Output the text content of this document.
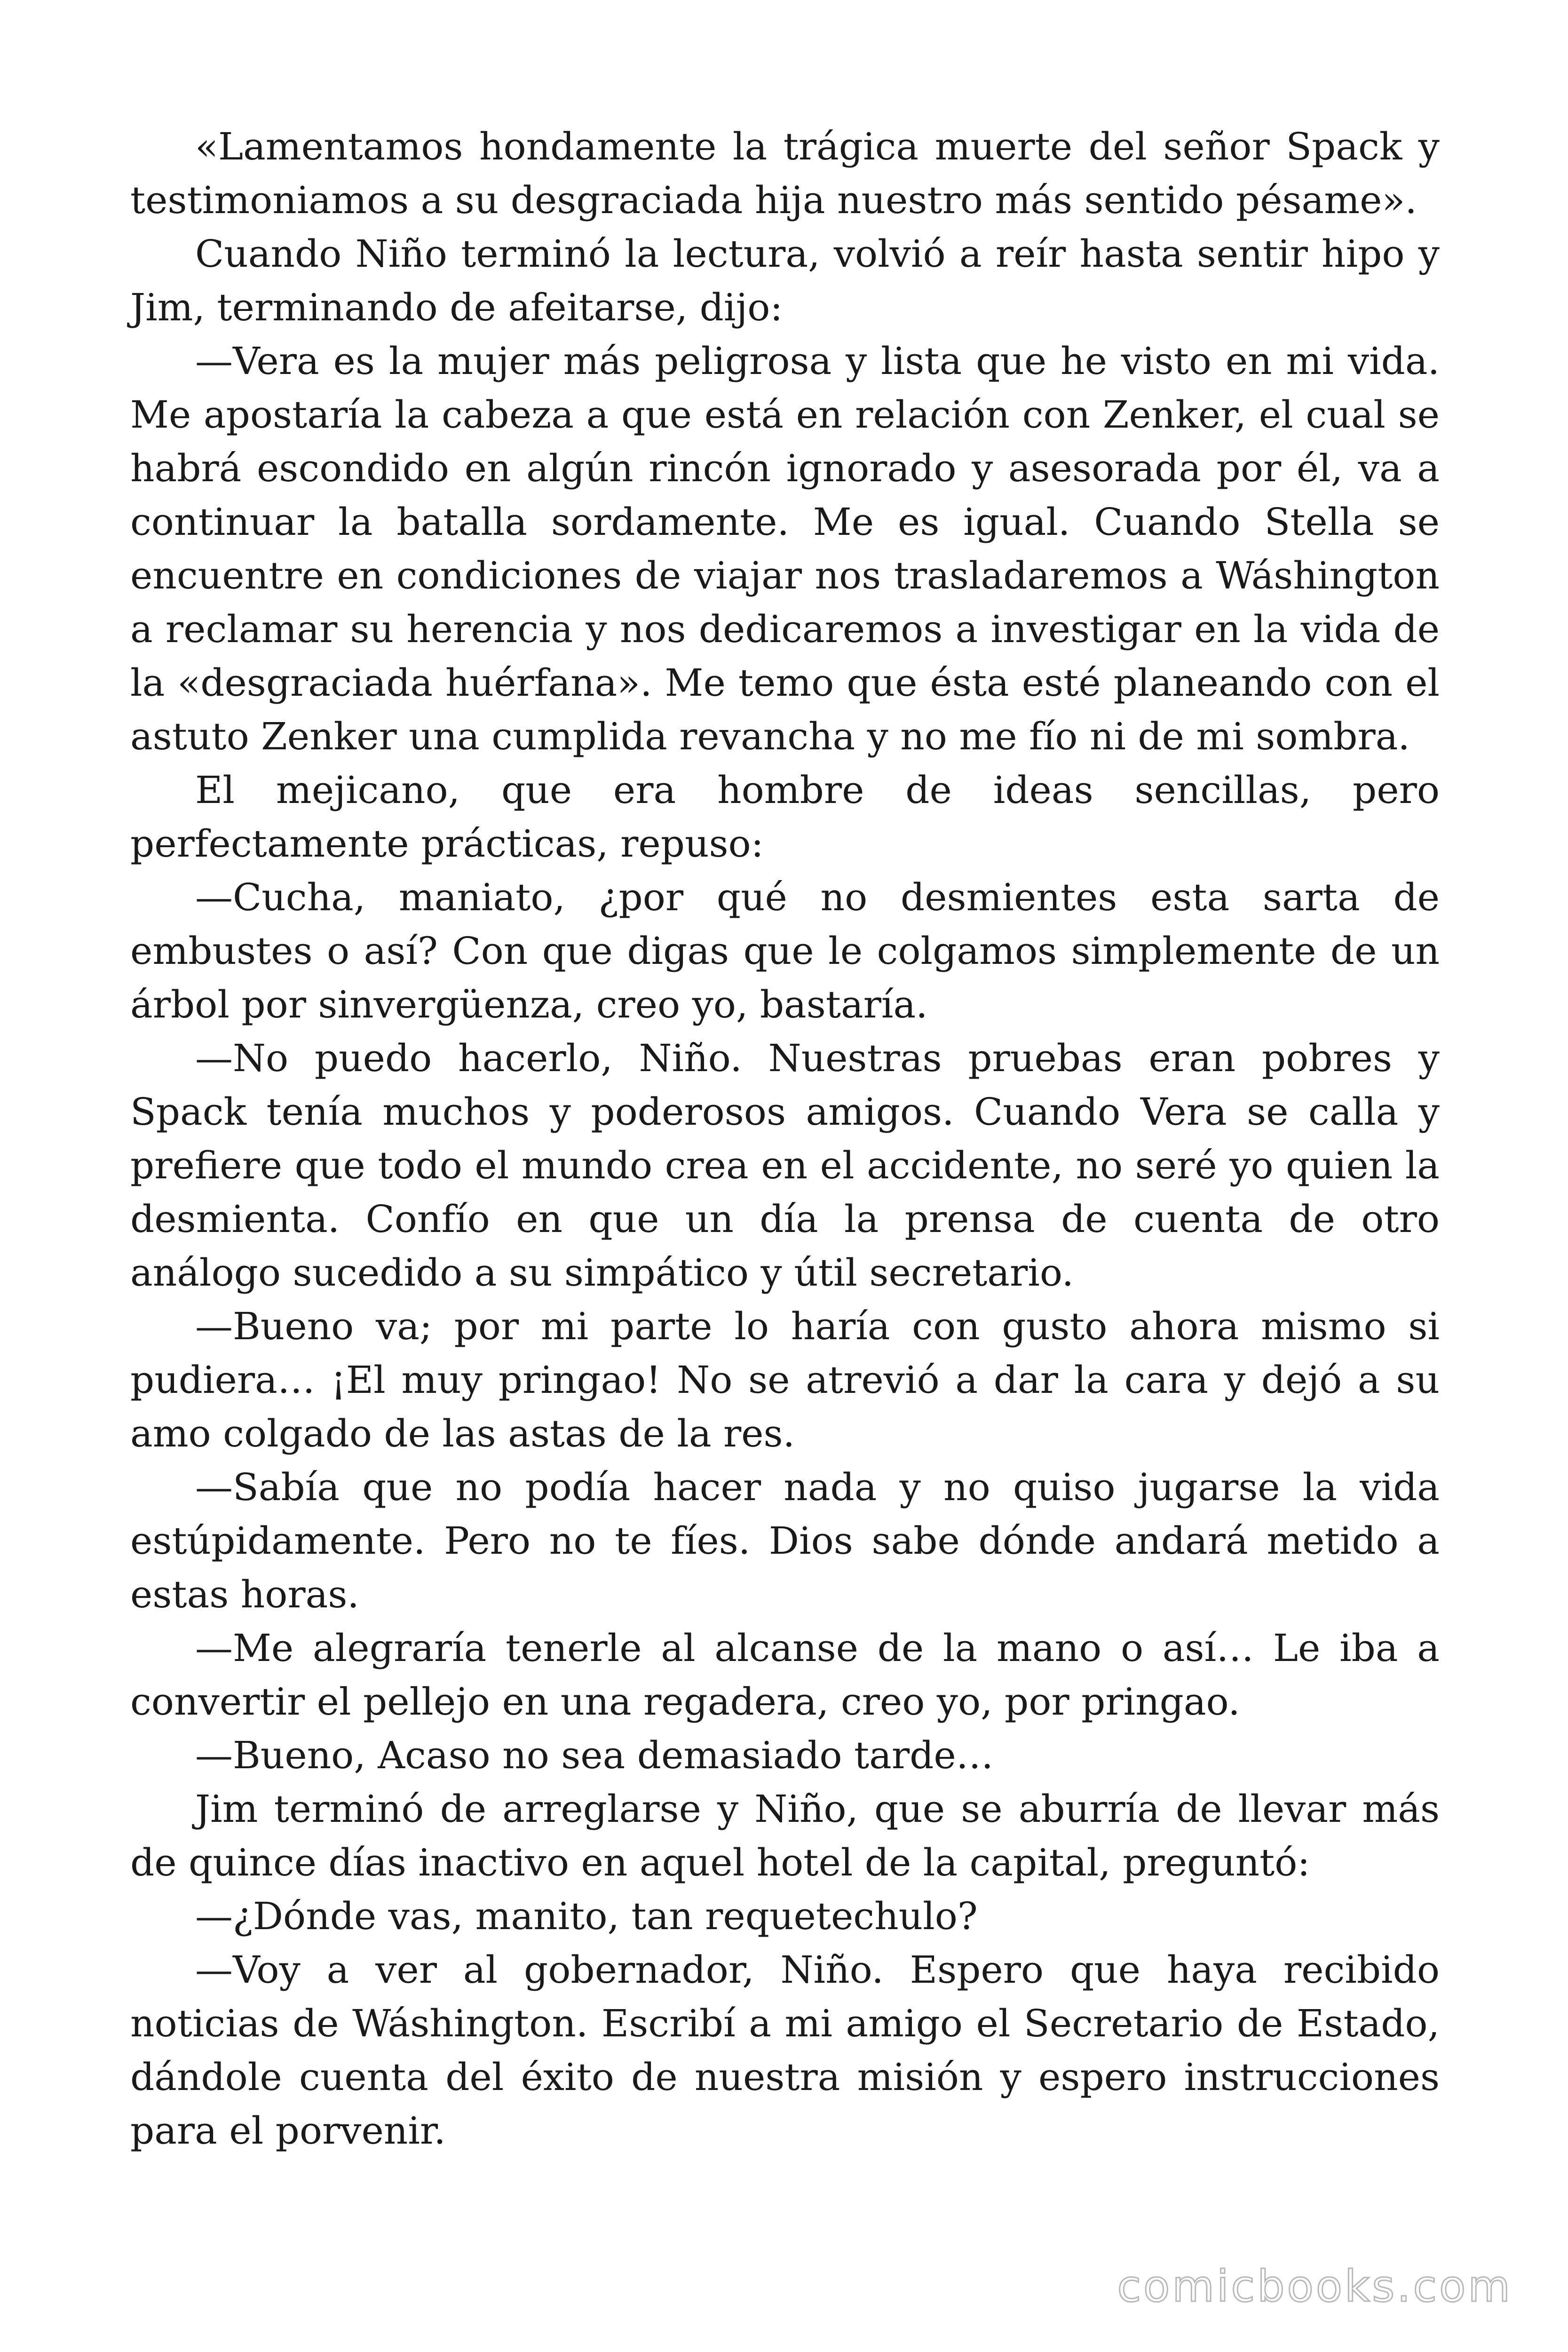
«Lamentamos hondamente la trágica muerte del señor Spack y testimoniamos a su desgraciada hija nuestro más sentido pésame».

Cuando Niño terminó la lectura, volvió a reír hasta sentir hipo y Jim, terminando de afeitarse, dijo:

—Vera es la mujer más peligrosa y lista que he visto en mi vida. Me apostaría la cabeza a que está en relación con Zenker, el cual se habrá escondido en algún rincón ignorado y asesorada por él, va a continuar la batalla sordamente. Me es igual. Cuando Stella se encuentre en condiciones de viajar nos trasladaremos a Wáshington a reclamar su herencia y nos dedicaremos a investigar en la vida de la «desgraciada huérfana». Me temo que ésta esté planeando con el astuto Zenker una cumplida revancha y no me fío ni de mi sombra.

El mejicano, que era hombre de ideas sencillas, pero perfectamente prácticas, repuso:

—Cucha, maniato, ¿por qué no desmientes esta sarta de embustes o así? Con que digas que le colgamos simplemente de un árbol por sinvergüenza, creo yo, bastaría.

—No puedo hacerlo, Niño. Nuestras pruebas eran pobres y Spack tenía muchos y poderosos amigos. Cuando Vera se calla y prefiere que todo el mundo crea en el accidente, no seré yo quien la desmienta. Confío en que un día la prensa de cuenta de otro análogo sucedido a su simpático y útil secretario.

—Bueno va; por mi parte lo haría con gusto ahora mismo si pudiera… ¡El muy pringao! No se atrevió a dar la cara y dejó a su amo colgado de las astas de la res.

—Sabía que no podía hacer nada y no quiso jugarse la vida estúpidamente. Pero no te fíes. Dios sabe dónde andará metido a estas horas.

—Me alegraría tenerle al alcanse de la mano o así… Le iba a convertir el pellejo en una regadera, creo yo, por pringao.

—Bueno, Acaso no sea demasiado tarde…

Jim terminó de arreglarse y Niño, que se aburría de llevar más de quince días inactivo en aquel hotel de la capital, preguntó:

—¿Dónde vas, manito, tan requetechulo?

—Voy a ver al gobernador, Niño. Espero que haya recibido noticias de Wáshington. Escribí a mi amigo el Secretario de Estado, dándole cuenta del éxito de nuestra misión y espero instrucciones para el porvenir.

comicbooks.com
